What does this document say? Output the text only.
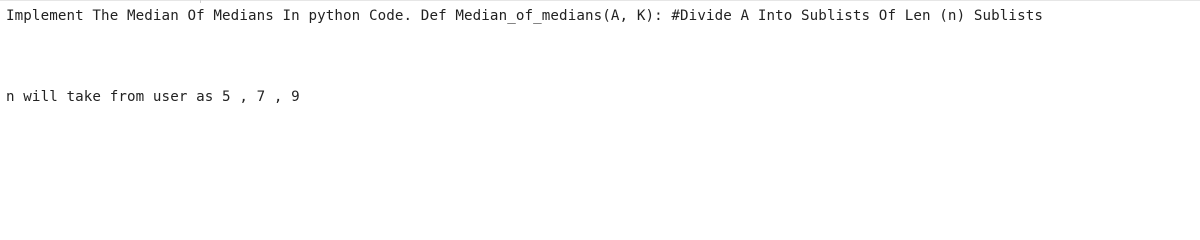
Implement The Median Of Medians In python Code. Def Median_of_medians(A, K): #Divide A Into Sublists Of Len (n) Sublists
n will take from user as 5 , 7 , 9
